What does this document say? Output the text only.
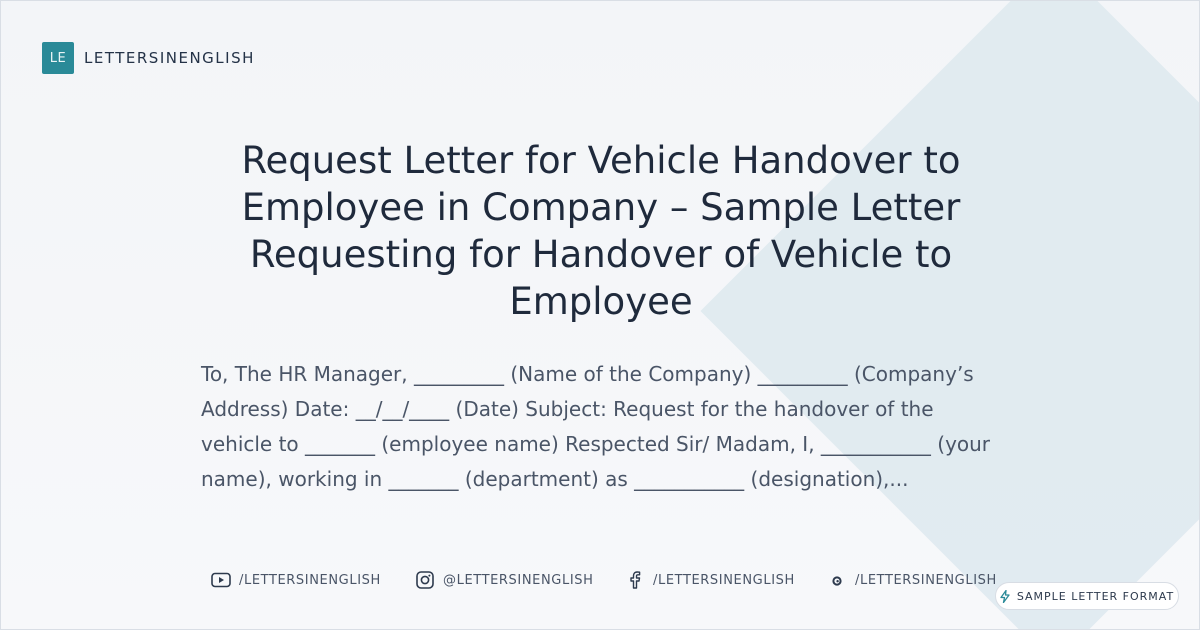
LE	LETTERSINENGLISH
Request Letter for Vehicle Handover to Employee in Company – Sample Letter Requesting for Handover of Vehicle to Employee

To, The HR Manager, _________ (Name of the Company) _________ (Company’s Address) Date: __/__/____ (Date) Subject: Request for the handover of the vehicle to _______ (employee name) Respected Sir/ Madam, I, ___________ (your name), working in _______ (department) as ___________ (designation),...

/LETTERSINENGLISH	@LETTERSINENGLISH	/LETTERSINENGLISH	/LETTERSINENGLISH
SAMPLE LETTER FORMAT
